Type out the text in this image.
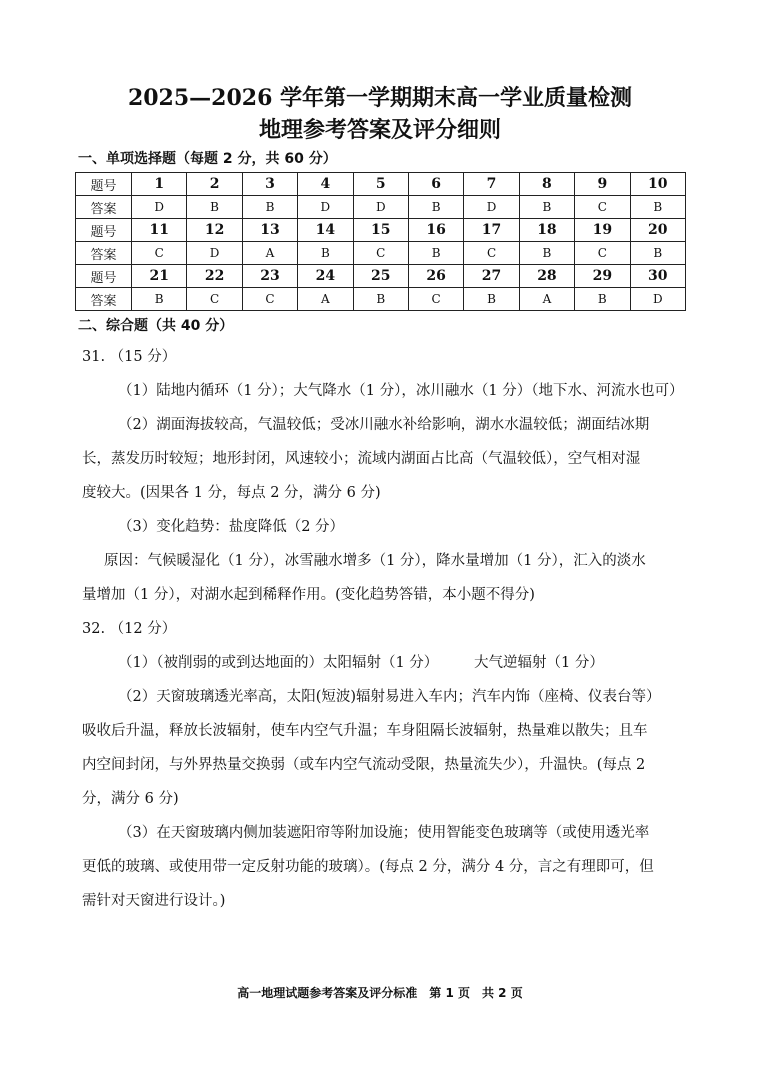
2025—2026 学年第一学期期末高一学业质量检测
地理参考答案及评分细则
一、单项选择题（每题 2 分，共 60 分）
题号	1	2	3	4	5	6	7	8	9	10
答案	D	B	B	D	D	B	D	B	C	B
题号	11	12	13	14	15	16	17	18	19	20
答案	C	D	A	B	C	B	C	B	C	B
题号	21	22	23	24	25	26	27	28	29	30
答案	B	C	C	A	B	C	B	A	B	D
二、综合题（共 40 分）
31. （15 分）
（1）陆地内循环（1 分）；大气降水（1 分），冰川融水（1 分）（地下水、河流水也可）
（2）湖面海拔较高，气温较低；受冰川融水补给影响，湖水水温较低；湖面结冰期
长，蒸发历时较短；地形封闭，风速较小；流域内湖面占比高（气温较低），空气相对湿
度较大。(因果各 1 分，每点 2 分，满分 6 分)
（3）变化趋势：盐度降低（2 分）
原因：气候暖湿化（1 分），冰雪融水增多（1 分），降水量增加（1 分），汇入的淡水
量增加（1 分），对湖水起到稀释作用。(变化趋势答错，本小题不得分)
32. （12 分）
（1）（被削弱的或到达地面的）太阳辐射（1 分） 大气逆辐射（1 分）
（2）天窗玻璃透光率高，太阳(短波)辐射易进入车内；汽车内饰（座椅、仪表台等）
吸收后升温，释放长波辐射，使车内空气升温；车身阻隔长波辐射，热量难以散失；且车
内空间封闭，与外界热量交换弱（或车内空气流动受限，热量流失少），升温快。(每点 2
分，满分 6 分)
（3）在天窗玻璃内侧加装遮阳帘等附加设施；使用智能变色玻璃等（或使用透光率
更低的玻璃、或使用带一定反射功能的玻璃）。(每点 2 分，满分 4 分，言之有理即可，但
需针对天窗进行设计。)
高一地理试题参考答案及评分标准　第 1 页　共 2 页
